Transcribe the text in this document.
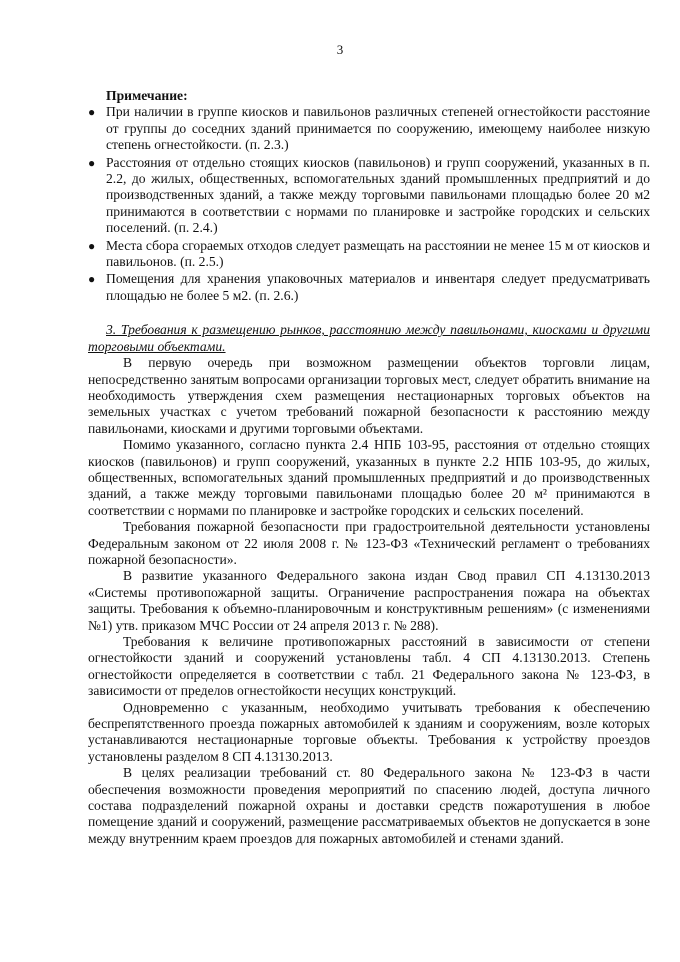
3

Примечание:

● При наличии в группе киосков и павильонов различных степеней огнестойкости расстояние от группы до соседних зданий принимается по сооружению, имеющему наиболее низкую степень огнестойкости. (п. 2.3.)
● Расстояния от отдельно стоящих киосков (павильонов) и групп сооружений, указанных в п. 2.2, до жилых, общественных, вспомогательных зданий промышленных предприятий и до производственных зданий, а также между торговыми павильонами площадью более 20 м2 принимаются в соответствии с нормами по планировке и застройке городских и сельских поселений. (п. 2.4.)
● Места сбора сгораемых отходов следует размещать на расстоянии не менее 15 м от киосков и павильонов. (п. 2.5.)
● Помещения для хранения упаковочных материалов и инвентаря следует предусматривать площадью не более 5 м2. (п. 2.6.)

3. Требования к размещению рынков, расстоянию между павильонами, киосками и другими торговыми объектами.

В первую очередь при возможном размещении объектов торговли лицам, непосредственно занятым вопросами организации торговых мест, следует обратить внимание на необходимость утверждения схем размещения нестационарных торговых объектов на земельных участках с учетом требований пожарной безопасности к расстоянию между павильонами, киосками и другими торговыми объектами.

Помимо указанного, согласно пункта 2.4 НПБ 103-95, расстояния от отдельно стоящих киосков (павильонов) и групп сооружений, указанных в пункте 2.2 НПБ 103-95, до жилых, общественных, вспомогательных зданий промышленных предприятий и до производственных зданий, а также между торговыми павильонами площадью более 20 м² принимаются в соответствии с нормами по планировке и застройке городских и сельских поселений.

Требования пожарной безопасности при градостроительной деятельности установлены Федеральным законом от 22 июля 2008 г. № 123-ФЗ «Технический регламент о требованиях пожарной безопасности».

В развитие указанного Федерального закона издан Свод правил СП 4.13130.2013 «Системы противопожарной защиты. Ограничение распространения пожара на объектах защиты. Требования к объемно-планировочным и конструктивным решениям» (с изменениями №1) утв. приказом МЧС России от 24 апреля 2013 г. № 288).

Требования к величине противопожарных расстояний в зависимости от степени огнестойкости зданий и сооружений установлены табл. 4 СП 4.13130.2013. Степень огнестойкости определяется в соответствии с табл. 21 Федерального закона № 123-ФЗ, в зависимости от пределов огнестойкости несущих конструкций.

Одновременно с указанным, необходимо учитывать требования к обеспечению беспрепятственного проезда пожарных автомобилей к зданиям и сооружениям, возле которых устанавливаются нестационарные торговые объекты. Требования к устройству проездов установлены разделом 8 СП 4.13130.2013.

В целях реализации требований ст. 80 Федерального закона № 123-ФЗ в части обеспечения возможности проведения мероприятий по спасению людей, доступа личного состава подразделений пожарной охраны и доставки средств пожаротушения в любое помещение зданий и сооружений, размещение рассматриваемых объектов не допускается в зоне между внутренним краем проездов для пожарных автомобилей и стенами зданий.
